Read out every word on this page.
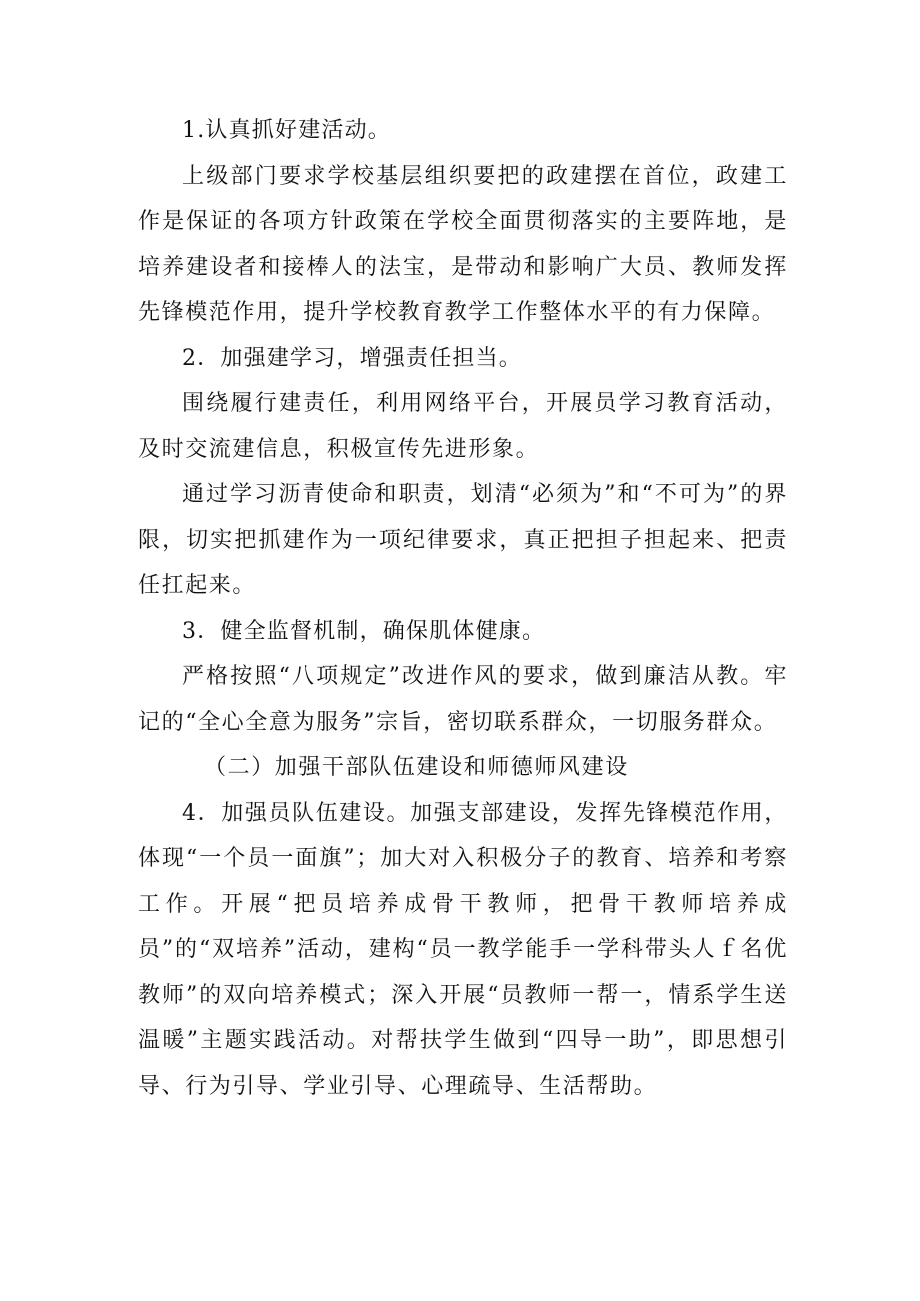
1.认真抓好建活动。

上级部门要求学校基层组织要把的政建摆在首位，政建工作是保证的各项方针政策在学校全面贯彻落实的主要阵地，是培养建设者和接棒人的法宝，是带动和影响广大员、教师发挥先锋模范作用，提升学校教育教学工作整体水平的有力保障。

2．加强建学习，增强责任担当。

围绕履行建责任，利用网络平台，开展员学习教育活动，及时交流建信息，积极宣传先进形象。

通过学习沥青使命和职责，划清“必须为”和“不可为”的界限，切实把抓建作为一项纪律要求，真正把担子担起来、把责任扛起来。

3．健全监督机制，确保肌体健康。

严格按照“八项规定”改进作风的要求，做到廉洁从教。牢记的“全心全意为服务”宗旨，密切联系群众，一切服务群众。

（二）加强干部队伍建设和师德师风建设

4．加强员队伍建设。加强支部建设，发挥先锋模范作用，体现“一个员一面旗”；加大对入积极分子的教育、培养和考察工作。开展“把员培养成骨干教师，把骨干教师培养成员”的“双培养”活动，建构“员一教学能手一学科带头人ｆ名优教师”的双向培养模式；深入开展“员教师一帮一，情系学生送温暖”主题实践活动。对帮扶学生做到“四导一助”，即思想引导、行为引导、学业引导、心理疏导、生活帮助。
